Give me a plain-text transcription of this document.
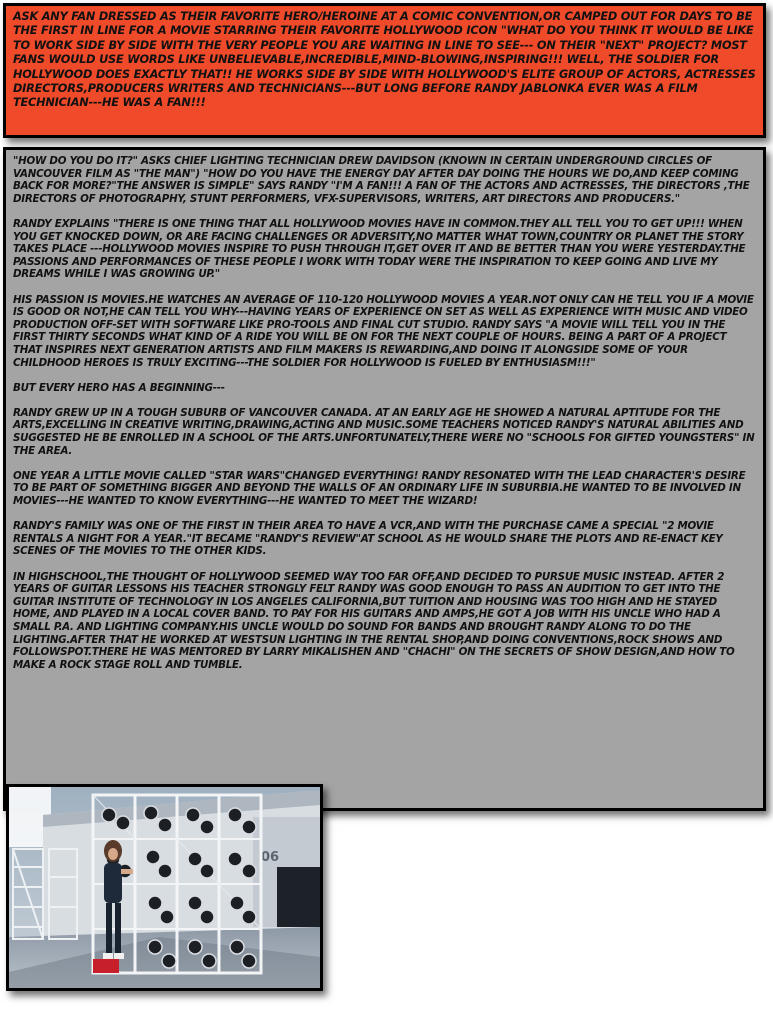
ASK ANY FAN DRESSED AS THEIR FAVORITE HERO/HEROINE AT A COMIC CONVENTION,OR CAMPED OUT FOR DAYS TO BE THE FIRST IN LINE FOR A MOVIE STARRING THEIR FAVORITE HOLLYWOOD ICON "WHAT DO YOU THINK IT WOULD BE LIKE TO WORK SIDE BY SIDE WITH THE VERY PEOPLE YOU ARE WAITING IN LINE TO SEE--- ON THEIR "NEXT" PROJECT? MOST FANS WOULD USE WORDS LIKE UNBELIEVABLE,INCREDIBLE,MIND-BLOWING,INSPIRING!!! WELL, THE SOLDIER FOR HOLLYWOOD DOES EXACTLY THAT!! HE WORKS SIDE BY SIDE WITH HOLLYWOOD'S ELITE GROUP OF ACTORS, ACTRESSES DIRECTORS,PRODUCERS WRITERS AND TECHNICIANS---BUT LONG BEFORE RANDY JABLONKA EVER WAS A FILM TECHNICIAN---HE WAS A FAN!!!

"HOW DO YOU DO IT?" ASKS CHIEF LIGHTING TECHNICIAN DREW DAVIDSON (KNOWN IN CERTAIN UNDERGROUND CIRCLES OF VANCOUVER FILM AS "THE MAN") "HOW DO YOU HAVE THE ENERGY DAY AFTER DAY DOING THE HOURS WE DO,AND KEEP COMING BACK FOR MORE?"THE ANSWER IS SIMPLE" SAYS RANDY "I'M A FAN!!! A FAN OF THE ACTORS AND ACTRESSES, THE DIRECTORS ,THE DIRECTORS OF PHOTOGRAPHY, STUNT PERFORMERS, VFX-SUPERVISORS, WRITERS, ART DIRECTORS AND PRODUCERS."

RANDY EXPLAINS "THERE IS ONE THING THAT ALL HOLLYWOOD MOVIES HAVE IN COMMON.THEY ALL TELL YOU TO GET UP!!! WHEN YOU GET KNOCKED DOWN, OR ARE FACING CHALLENGES OR ADVERSITY,NO MATTER WHAT TOWN,COUNTRY OR PLANET THE STORY TAKES PLACE ---HOLLYWOOD MOVIES INSPIRE TO PUSH THROUGH IT,GET OVER IT AND BE BETTER THAN YOU WERE YESTERDAY.THE PASSIONS AND PERFORMANCES OF THESE PEOPLE I WORK WITH TODAY WERE THE INSPIRATION TO KEEP GOING AND LIVE MY DREAMS WHILE I WAS GROWING UP."

HIS PASSION IS MOVIES.HE WATCHES AN AVERAGE OF 110-120 HOLLYWOOD MOVIES A YEAR.NOT ONLY CAN HE TELL YOU IF A MOVIE IS GOOD OR NOT,HE CAN TELL YOU WHY---HAVING YEARS OF EXPERIENCE ON SET AS WELL AS EXPERIENCE WITH MUSIC AND VIDEO PRODUCTION OFF-SET WITH SOFTWARE LIKE PRO-TOOLS AND FINAL CUT STUDIO. RANDY SAYS "A MOVIE WILL TELL YOU IN THE FIRST THIRTY SECONDS WHAT KIND OF A RIDE YOU WILL BE ON FOR THE NEXT COUPLE OF HOURS. BEING A PART OF A PROJECT THAT INSPIRES NEXT GENERATION ARTISTS AND FILM MAKERS IS REWARDING,AND DOING IT ALONGSIDE SOME OF YOUR CHILDHOOD HEROES IS TRULY EXCITING---THE SOLDIER FOR HOLLYWOOD IS FUELED BY ENTHUSIASM!!!"

BUT EVERY HERO HAS A BEGINNING---

RANDY GREW UP IN A TOUGH SUBURB OF VANCOUVER CANADA. AT AN EARLY AGE HE SHOWED A NATURAL APTITUDE FOR THE ARTS,EXCELLING IN CREATIVE WRITING,DRAWING,ACTING AND MUSIC.SOME TEACHERS NOTICED RANDY'S NATURAL ABILITIES AND SUGGESTED HE BE ENROLLED IN A SCHOOL OF THE ARTS.UNFORTUNATELY,THERE WERE NO "SCHOOLS FOR GIFTED YOUNGSTERS" IN THE AREA.

ONE YEAR A LITTLE MOVIE CALLED "STAR WARS"CHANGED EVERYTHING! RANDY RESONATED WITH THE LEAD CHARACTER'S DESIRE TO BE PART OF SOMETHING BIGGER AND BEYOND THE WALLS OF AN ORDINARY LIFE IN SUBURBIA.HE WANTED TO BE INVOLVED IN MOVIES---HE WANTED TO KNOW EVERYTHING---HE WANTED TO MEET THE WIZARD!

RANDY'S FAMILY WAS ONE OF THE FIRST IN THEIR AREA TO HAVE A VCR,AND WITH THE PURCHASE CAME A SPECIAL "2 MOVIE RENTALS A NIGHT FOR A YEAR."IT BECAME "RANDY'S REVIEW"AT SCHOOL AS HE WOULD SHARE THE PLOTS AND RE-ENACT KEY SCENES OF THE MOVIES TO THE OTHER KIDS.

IN HIGHSCHOOL,THE THOUGHT OF HOLLYWOOD SEEMED WAY TOO FAR OFF,AND DECIDED TO PURSUE MUSIC INSTEAD. AFTER 2 YEARS OF GUITAR LESSONS HIS TEACHER STRONGLY FELT RANDY WAS GOOD ENOUGH TO PASS AN AUDITION TO GET INTO THE GUITAR INSTITUTE OF TECHNOLOGY IN LOS ANGELES CALIFORNIA,BUT TUITION AND HOUSING WAS TOO HIGH AND HE STAYED HOME, AND PLAYED IN A LOCAL COVER BAND. TO PAY FOR HIS GUITARS AND AMPS,HE GOT A JOB WITH HIS UNCLE WHO HAD A SMALL P.A. AND LIGHTING COMPANY.HIS UNCLE WOULD DO SOUND FOR BANDS AND BROUGHT RANDY ALONG TO DO THE LIGHTING.AFTER THAT HE WORKED AT WESTSUN LIGHTING IN THE RENTAL SHOP,AND DOING CONVENTIONS,ROCK SHOWS AND FOLLOWSPOT.THERE HE WAS MENTORED BY LARRY MIKALISHEN AND "CHACHI" ON THE SECRETS OF SHOW DESIGN,AND HOW TO MAKE A ROCK STAGE ROLL AND TUMBLE.

06
